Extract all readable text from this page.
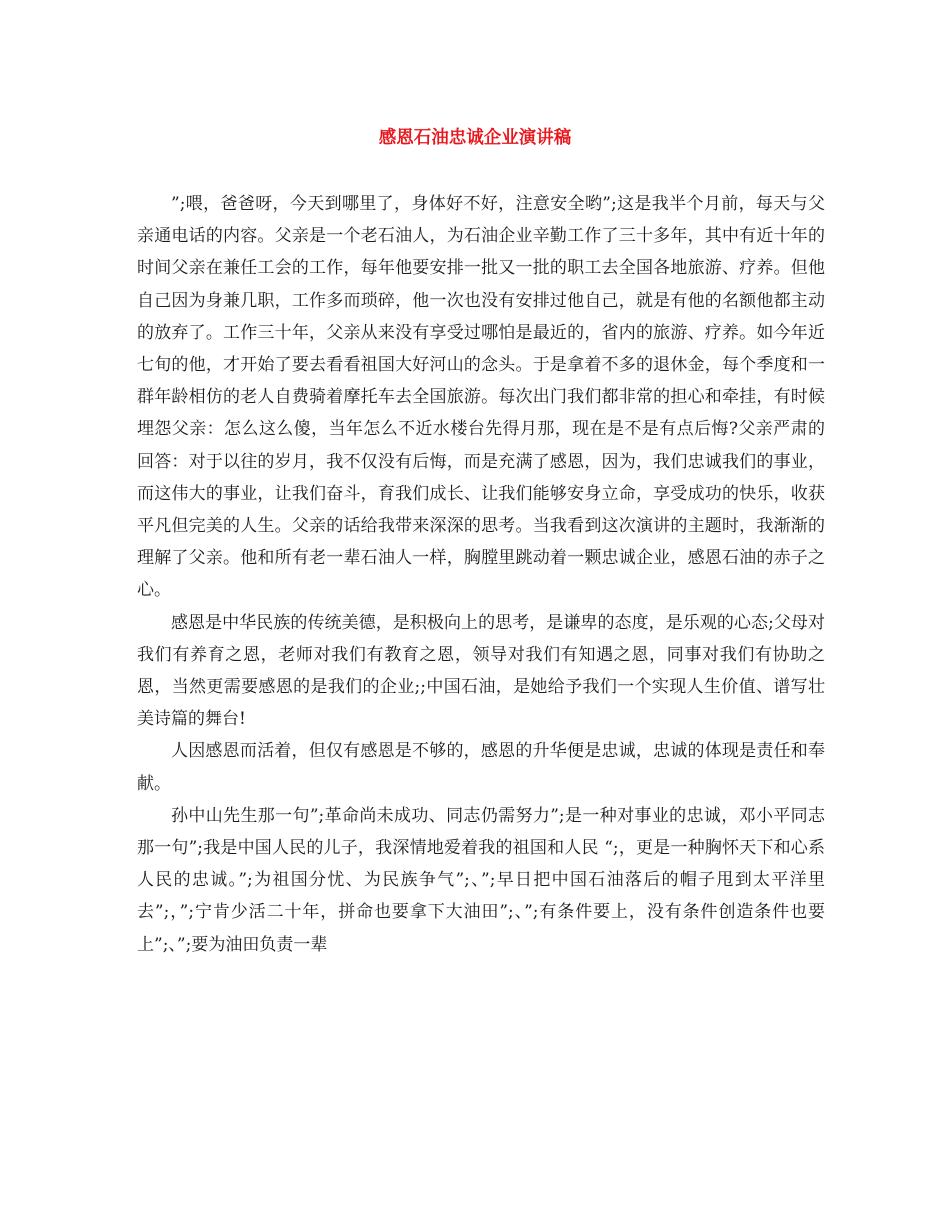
感恩石油忠诚企业演讲稿

”;喂，爸爸呀，今天到哪里了，身体好不好，注意安全哟”;这是我半个月前，每天与父亲通电话的内容。父亲是一个老石油人，为石油企业辛勤工作了三十多年，其中有近十年的时间父亲在兼任工会的工作，每年他要安排一批又一批的职工去全国各地旅游、疗养。但他自己因为身兼几职，工作多而琐碎，他一次也没有安排过他自己，就是有他的名额他都主动的放弃了。工作三十年，父亲从来没有享受过哪怕是最近的，省内的旅游、疗养。如今年近七旬的他，才开始了要去看看祖国大好河山的念头。于是拿着不多的退休金，每个季度和一群年龄相仿的老人自费骑着摩托车去全国旅游。每次出门我们都非常的担心和牵挂，有时候埋怨父亲：怎么这么傻，当年怎么不近水楼台先得月那，现在是不是有点后悔?父亲严肃的回答：对于以往的岁月，我不仅没有后悔，而是充满了感恩，因为，我们忠诚我们的事业，而这伟大的事业，让我们奋斗，育我们成长、让我们能够安身立命，享受成功的快乐，收获平凡但完美的人生。父亲的话给我带来深深的思考。当我看到这次演讲的主题时，我渐渐的理解了父亲。他和所有老一辈石油人一样，胸膛里跳动着一颗忠诚企业，感恩石油的赤子之心。

感恩是中华民族的传统美德，是积极向上的思考，是谦卑的态度，是乐观的心态;父母对我们有养育之恩，老师对我们有教育之恩，领导对我们有知遇之恩，同事对我们有协助之恩，当然更需要感恩的是我们的企业;;中国石油，是她给予我们一个实现人生价值、谱写壮美诗篇的舞台!

人因感恩而活着，但仅有感恩是不够的，感恩的升华便是忠诚，忠诚的体现是责任和奉献。

孙中山先生那一句”;革命尚未成功、同志仍需努力”;是一种对事业的忠诚，邓小平同志那一句”;我是中国人民的儿子，我深情地爱着我的祖国和人民 “;，更是一种胸怀天下和心系人民的忠诚。”;为祖国分忧、为民族争气”;、”;早日把中国石油落后的帽子甩到太平洋里去”;，”;宁肯少活二十年，拼命也要拿下大油田”;、”;有条件要上，没有条件创造条件也要上”;、”;要为油田负责一辈
